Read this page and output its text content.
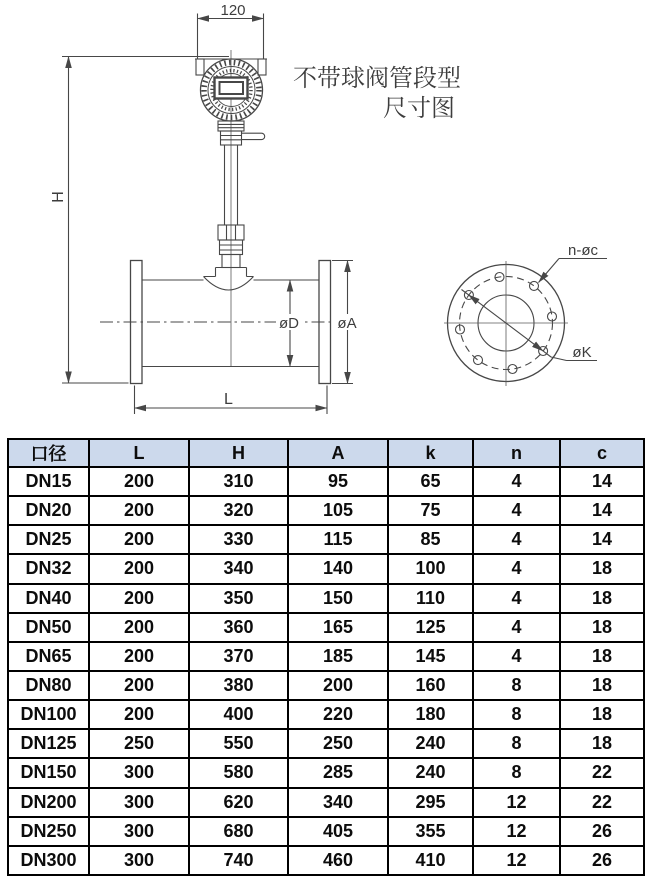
120
H
L
øD	øA
n-øc
øK
不带球阀管段型
尺寸图
口径	L	H	A	k	n	c
DN15	200	310	95	65	4	14
DN20	200	320	105	75	4	14
DN25	200	330	115	85	4	14
DN32	200	340	140	100	4	18
DN40	200	350	150	110	4	18
DN50	200	360	165	125	4	18
DN65	200	370	185	145	4	18
DN80	200	380	200	160	8	18
DN100	200	400	220	180	8	18
DN125	250	550	250	240	8	18
DN150	300	580	285	240	8	22
DN200	300	620	340	295	12	22
DN250	300	680	405	355	12	26
DN300	300	740	460	410	12	26
